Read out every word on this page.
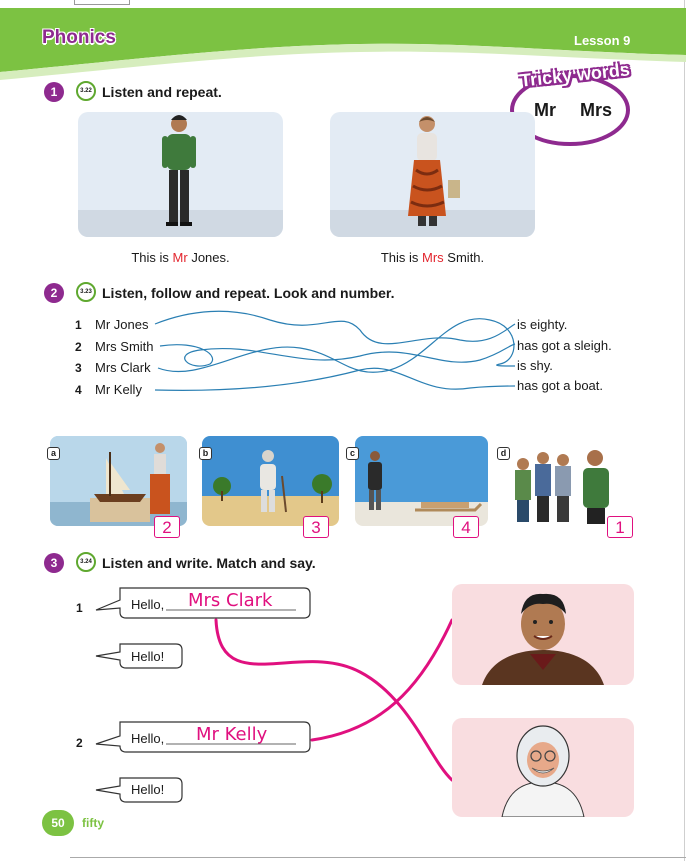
Phonics	Lesson 9
Tricky words
Mr Mrs
1	3.22 Listen and repeat.
This is Mr Jones.	This is Mrs Smith.
2	3.23 Listen, follow and repeat. Look and number.
1 Mr Jones
2 Mrs Smith
3 Mrs Clark
4 Mr Kelly
is eighty.
has got a sleigh.
is shy.
has got a boat.
a
2
b
3
c
4
d
1
3	3.24 Listen and write. Match and say.
1	Hello, Mrs Clark
Hello!
2	Hello, Mr Kelly
Hello!
50	fifty
